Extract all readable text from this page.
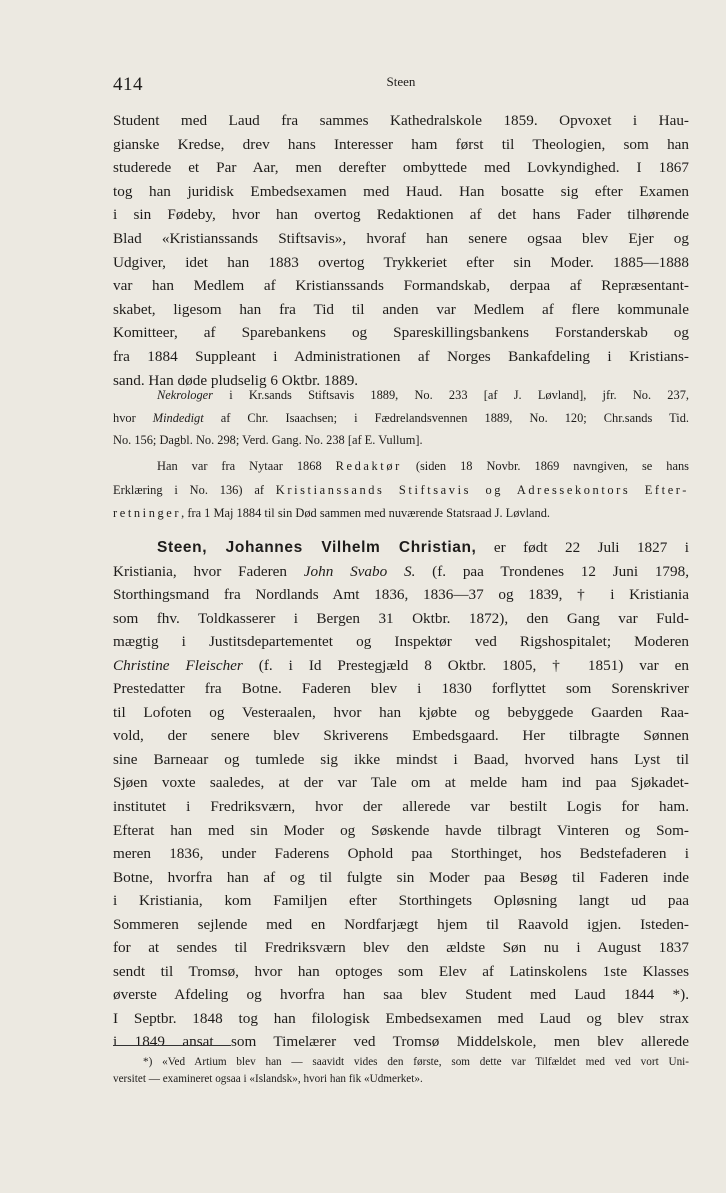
414	Steen
Student med Laud fra sammes Kathedralskole 1859. Opvoxet i Hau-
gianske Kredse, drev hans Interesser ham først til Theologien, som han
studerede et Par Aar, men derefter ombyttede med Lovkyndighed. I 1867
tog han juridisk Embedsexamen med Haud. Han bosatte sig efter Examen
i sin Fødeby, hvor han overtog Redaktionen af det hans Fader tilhørende
Blad «Kristianssands Stiftsavis», hvoraf han senere ogsaa blev Ejer og
Udgiver, idet han 1883 overtog Trykkeriet efter sin Moder. 1885—1888
var han Medlem af Kristianssands Formandskab, derpaa af Repræsentant-
skabet, ligesom han fra Tid til anden var Medlem af flere kommunale
Komitteer, af Sparebankens og Spareskillingsbankens Forstanderskab og
fra 1884 Suppleant i Administrationen af Norges Bankafdeling i Kristians-
sand. Han døde pludselig 6 Oktbr. 1889.
Nekrologer i Kr.sands Stiftsavis 1889, No. 233 [af J. Løvland], jfr. No. 237,
hvor Mindedigt af Chr. Isaachsen; i Fædrelandsvennen 1889, No. 120; Chr.sands Tid.
No. 156; Dagbl. No. 298; Verd. Gang. No. 238 [af E. Vullum].
Han var fra Nytaar 1868 Redaktør (siden 18 Novbr. 1869 navngiven, se hans
Erklæring i No. 136) af Kristianssands Stiftsavis og Adressekontors Efter-
retninger, fra 1 Maj 1884 til sin Død sammen med nuværende Statsraad J. Løvland.
Steen, Johannes Vilhelm Christian, er født 22 Juli 1827 i
Kristiania, hvor Faderen John Svabo S. (f. paa Trondenes 12 Juni 1798,
Storthingsmand fra Nordlands Amt 1836, 1836—37 og 1839, † i Kristiania
som fhv. Toldkasserer i Bergen 31 Oktbr. 1872), den Gang var Fuld-
mægtig i Justitsdepartementet og Inspektør ved Rigshospitalet; Moderen
Christine Fleischer (f. i Id Prestegjæld 8 Oktbr. 1805, † 1851) var en
Prestedatter fra Botne. Faderen blev i 1830 forflyttet som Sorenskriver
til Lofoten og Vesteraalen, hvor han kjøbte og bebyggede Gaarden Raa-
vold, der senere blev Skriverens Embedsgaard. Her tilbragte Sønnen
sine Barneaar og tumlede sig ikke mindst i Baad, hvorved hans Lyst til
Sjøen voxte saaledes, at der var Tale om at melde ham ind paa Sjøkadet-
institutet i Fredriksværn, hvor der allerede var bestilt Logis for ham.
Efterat han med sin Moder og Søskende havde tilbragt Vinteren og Som-
meren 1836, under Faderens Ophold paa Storthinget, hos Bedstefaderen i
Botne, hvorfra han af og til fulgte sin Moder paa Besøg til Faderen inde
i Kristiania, kom Familjen efter Storthingets Opløsning langt ud paa
Sommeren sejlende med en Nordfarjægt hjem til Raavold igjen. Isteden-
for at sendes til Fredriksværn blev den ældste Søn nu i August 1837
sendt til Tromsø, hvor han optoges som Elev af Latinskolens 1ste Klasses
øverste Afdeling og hvorfra han saa blev Student med Laud 1844 *).
I Septbr. 1848 tog han filologisk Embedsexamen med Laud og blev strax
i 1849 ansat som Timelærer ved Tromsø Middelskole, men blev allerede
*) «Ved Artium blev han — saavidt vides den første, som dette var Tilfældet med ved vort Uni-
versitet — examineret ogsaa i «Islandsk», hvori han fik «Udmerket».
